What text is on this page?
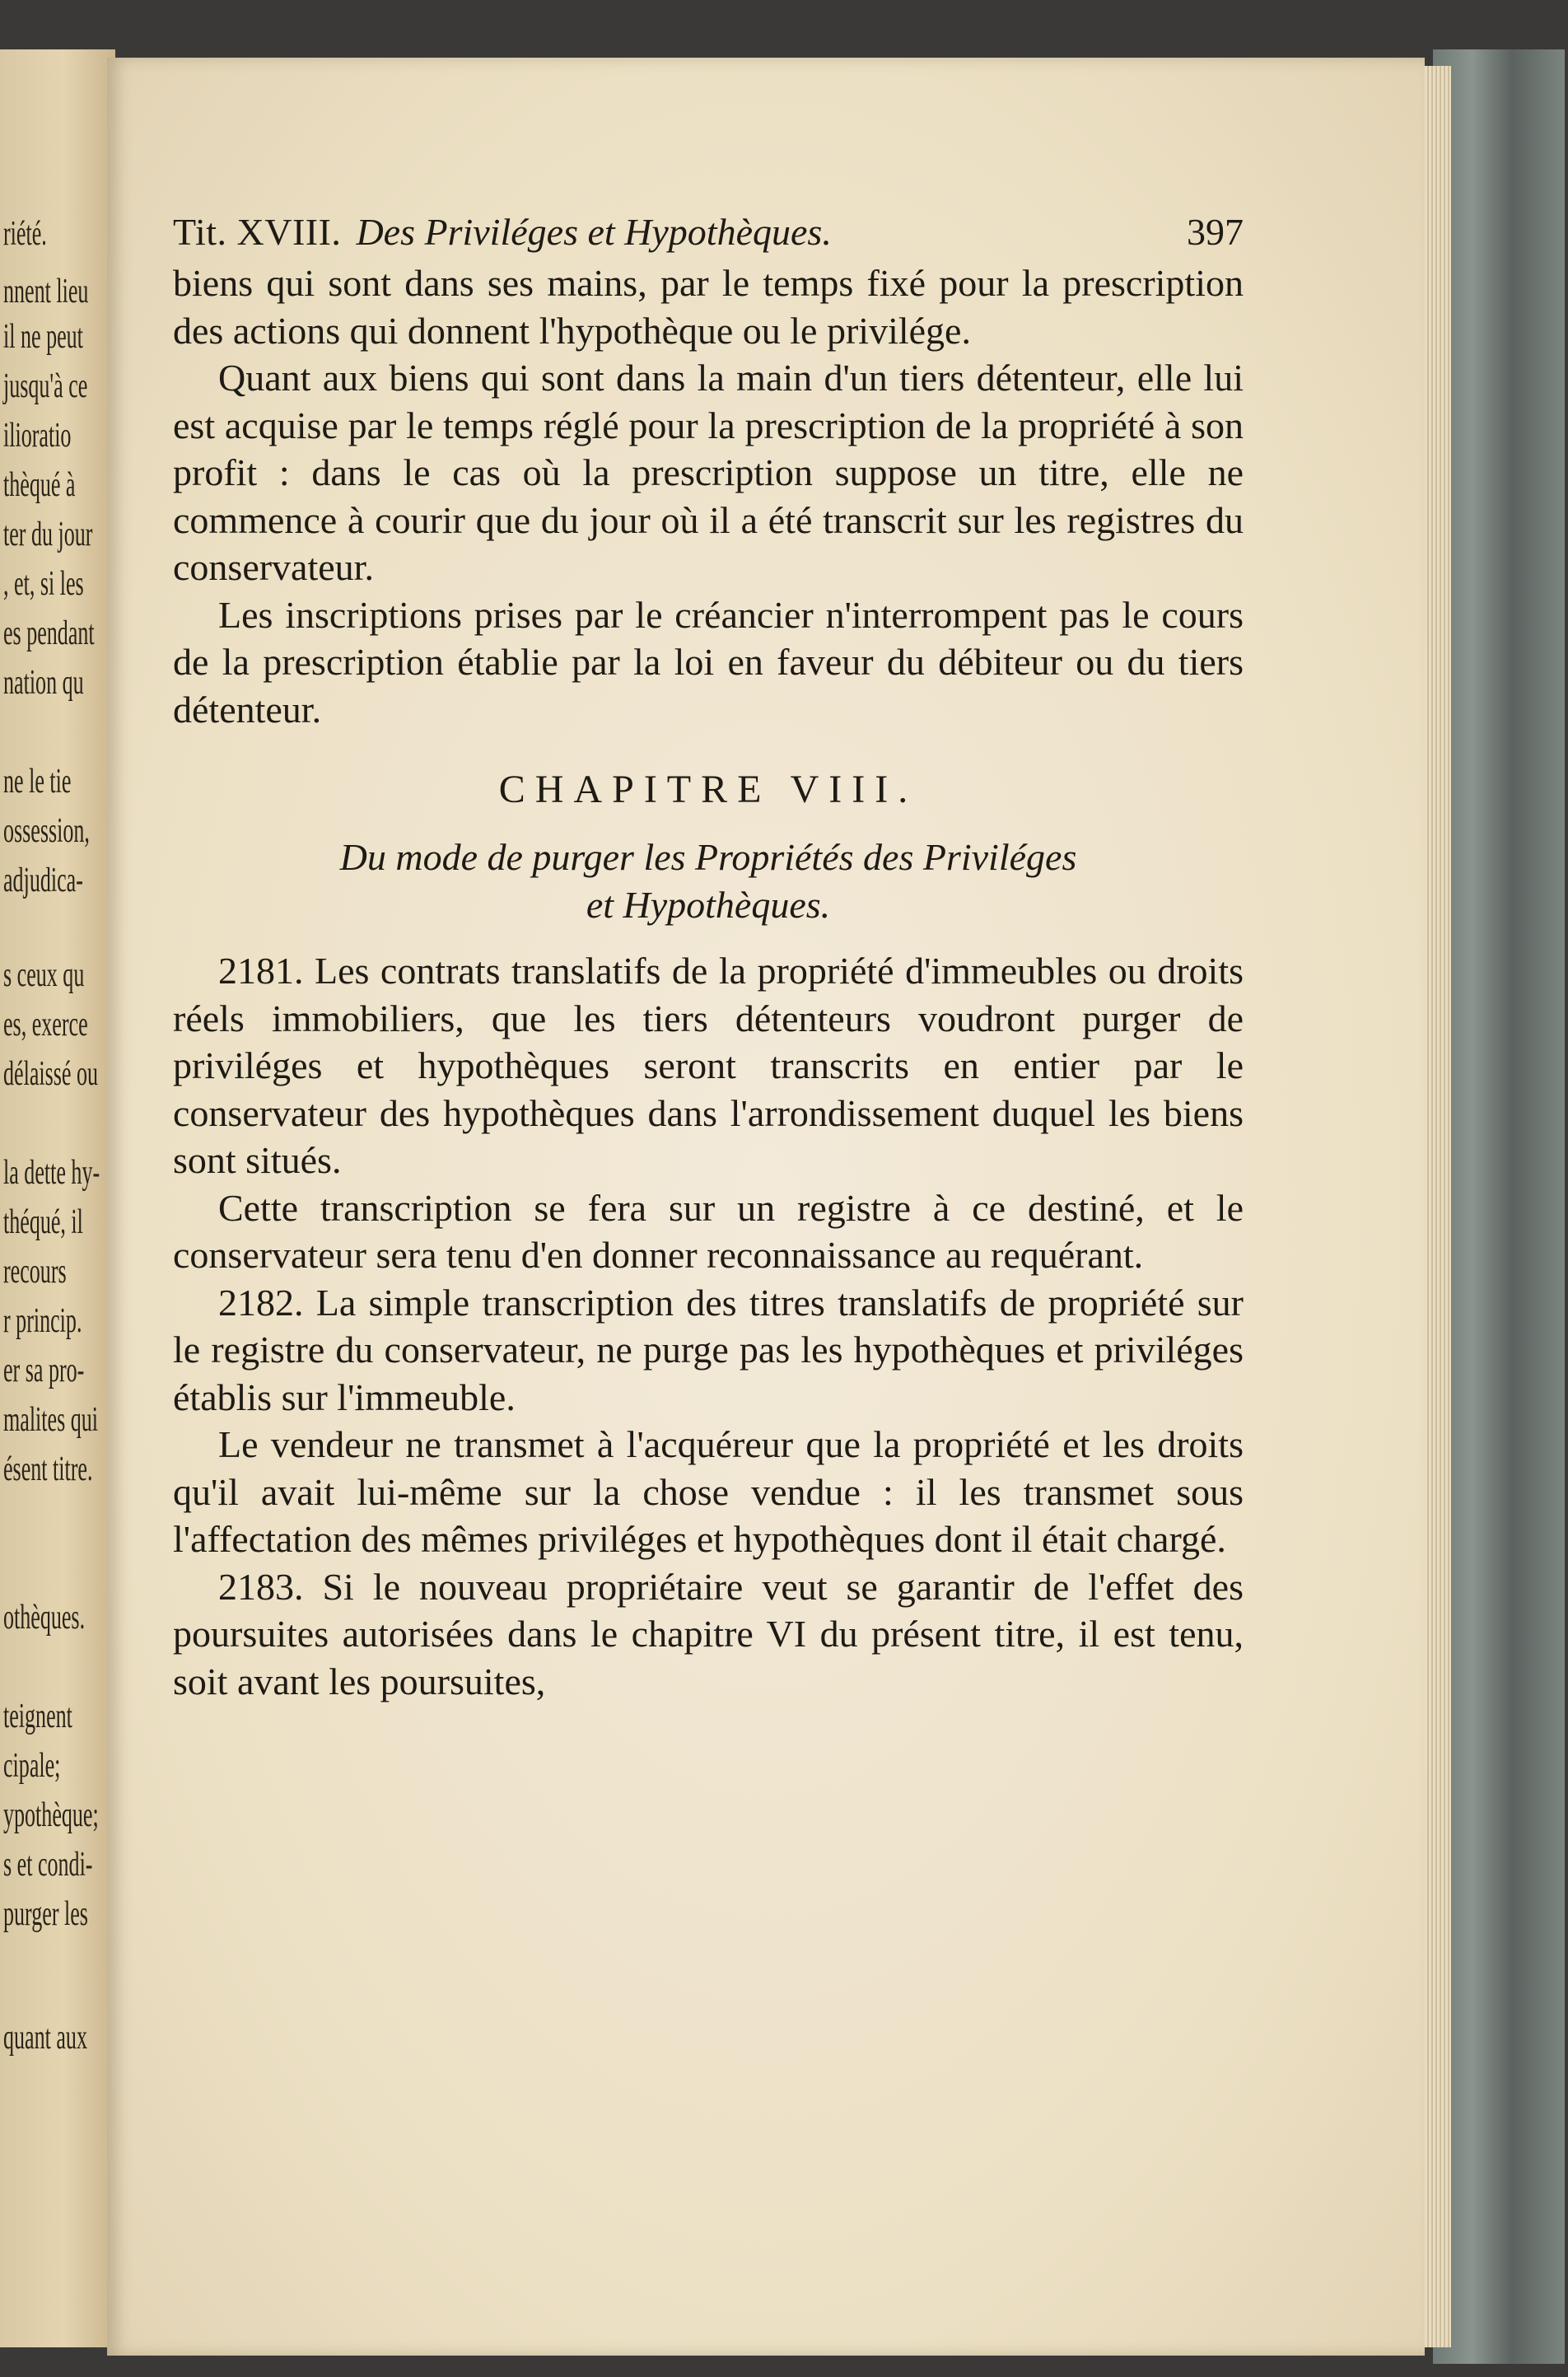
riété.
nnent lieu
il ne peut
jusqu'à ce
ilioratio
thèqué à
ter du jour
, et, si les
es pendant
nation qu
ne le tie
ossession,
adjudica-
s ceux qu
es, exerce
délaissé ou
la dette hy-
théqué, il
recours
r princip.
er sa pro-
malites qui
ésent titre.
othèques.
teignent
cipale;
ypothèque;
s et condi-
purger les
quant aux
Tit. XVIII. Des Priviléges et Hypothèques.	397

biens qui sont dans ses mains, par le temps fixé pour la prescription des actions qui donnent l'hypothèque ou le privilége.

Quant aux biens qui sont dans la main d'un tiers détenteur, elle lui est acquise par le temps réglé pour la prescription de la propriété à son profit : dans le cas où la prescription suppose un titre, elle ne commence à courir que du jour où il a été transcrit sur les registres du conservateur.

Les inscriptions prises par le créancier n'interrompent pas le cours de la prescription établie par la loi en faveur du débiteur ou du tiers détenteur.

CHAPITRE VIII.
Du mode de purger les Propriétés des Priviléges
et Hypothèques.

2181. Les contrats translatifs de la propriété d'immeubles ou droits réels immobiliers, que les tiers détenteurs voudront purger de priviléges et hypothèques seront transcrits en entier par le conservateur des hypothèques dans l'arrondissement duquel les biens sont situés.

Cette transcription se fera sur un registre à ce destiné, et le conservateur sera tenu d'en donner reconnaissance au requérant.

2182. La simple transcription des titres translatifs de propriété sur le registre du conservateur, ne purge pas les hypothèques et priviléges établis sur l'immeuble.

Le vendeur ne transmet à l'acquéreur que la propriété et les droits qu'il avait lui-même sur la chose vendue : il les transmet sous l'affectation des mêmes priviléges et hypothèques dont il était chargé.

2183. Si le nouveau propriétaire veut se garantir de l'effet des poursuites autorisées dans le chapitre VI du présent titre, il est tenu, soit avant les poursuites,
